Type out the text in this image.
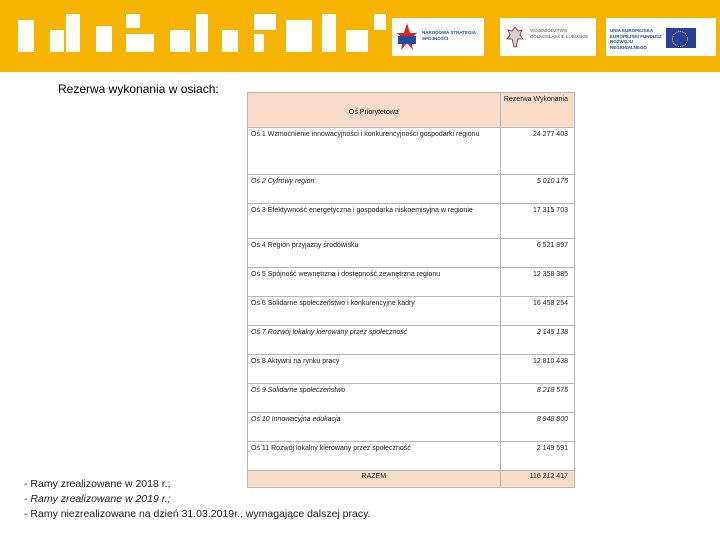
NARODOWA STRATEGIA SPÓJNOŚCI
WOJEWÓDZTWO DOLNOŚLĄSKIE LUBUSKIE
UNIA EUROPEJSKA EUROPEJSKI FUNDUSZ ROZWOJU REGIONALNEGO
Rezerwa wykonania w osiach:
Oś Priorytetowa	Rezerwa Wykonania

Oś 1 Wzmocnienie innowacyjności i konkurencyjności gospodarki regionu	24 277 403
Oś 2 Cyfrowy region	5 010 175
Oś 3 Efektywność energetyczna i gospodarka niskoemisyjna w regionie	17 315 703
Oś 4 Region przyjazny środowisku	6 521 897
Oś 5 Spójność wewnętrzna i dostępność zewnętrzna regionu	12 358 385
Oś 6 Solidarne społeczeństwo i konkurencyjne kadry	16 458 254
Oś 7 Rozwój lokalny kierowany przez społeczność	2 145 138
Oś 8 Aktywni na rynku pracy	12 810 438
Oś 9 Solidarne społeczeństwo	8 218 575
Oś 10 Innowacyjna edukacja	8 948 800
Oś 11 Rozwój lokalny kierowany przez społeczność	2 149 591
RAZEM	116 212 417
- Ramy zrealizowane w 2018 r.;
- Ramy zrealizowane w 2019 r.;
- Ramy niezrealizowane na dzień 31.03.2019r., wymagające dalszej pracy.
